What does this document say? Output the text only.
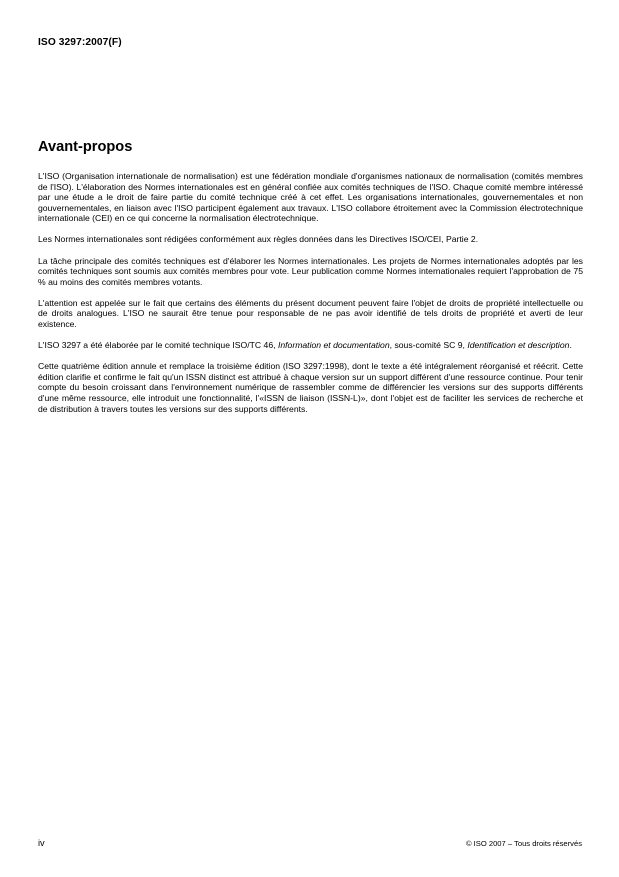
ISO 3297:2007(F)
Avant-propos

L'ISO (Organisation internationale de normalisation) est une fédération mondiale d'organismes nationaux de normalisation (comités membres de l'ISO). L'élaboration des Normes internationales est en général confiée aux comités techniques de l'ISO. Chaque comité membre intéressé par une étude a le droit de faire partie du comité technique créé à cet effet. Les organisations internationales, gouvernementales et non gouvernementales, en liaison avec l'ISO participent également aux travaux. L'ISO collabore étroitement avec la Commission électrotechnique internationale (CEI) en ce qui concerne la normalisation électrotechnique.

Les Normes internationales sont rédigées conformément aux règles données dans les Directives ISO/CEI, Partie 2.

La tâche principale des comités techniques est d'élaborer les Normes internationales. Les projets de Normes internationales adoptés par les comités techniques sont soumis aux comités membres pour vote. Leur publication comme Normes internationales requiert l'approbation de 75 % au moins des comités membres votants.

L'attention est appelée sur le fait que certains des éléments du présent document peuvent faire l'objet de droits de propriété intellectuelle ou de droits analogues. L'ISO ne saurait être tenue pour responsable de ne pas avoir identifié de tels droits de propriété et averti de leur existence.

L'ISO 3297 a été élaborée par le comité technique ISO/TC 46, Information et documentation, sous-comité SC 9, Identification et description.

Cette quatrième édition annule et remplace la troisième édition (ISO 3297:1998), dont le texte a été intégralement réorganisé et réécrit. Cette édition clarifie et confirme le fait qu'un ISSN distinct est attribué à chaque version sur un support différent d'une ressource continue. Pour tenir compte du besoin croissant dans l'environnement numérique de rassembler comme de différencier les versions sur des supports différents d'une même ressource, elle introduit une fonctionnalité, l'«ISSN de liaison (ISSN-L)», dont l'objet est de faciliter les services de recherche et de distribution à travers toutes les versions sur des supports différents.

iv	© ISO 2007 – Tous droits réservés
